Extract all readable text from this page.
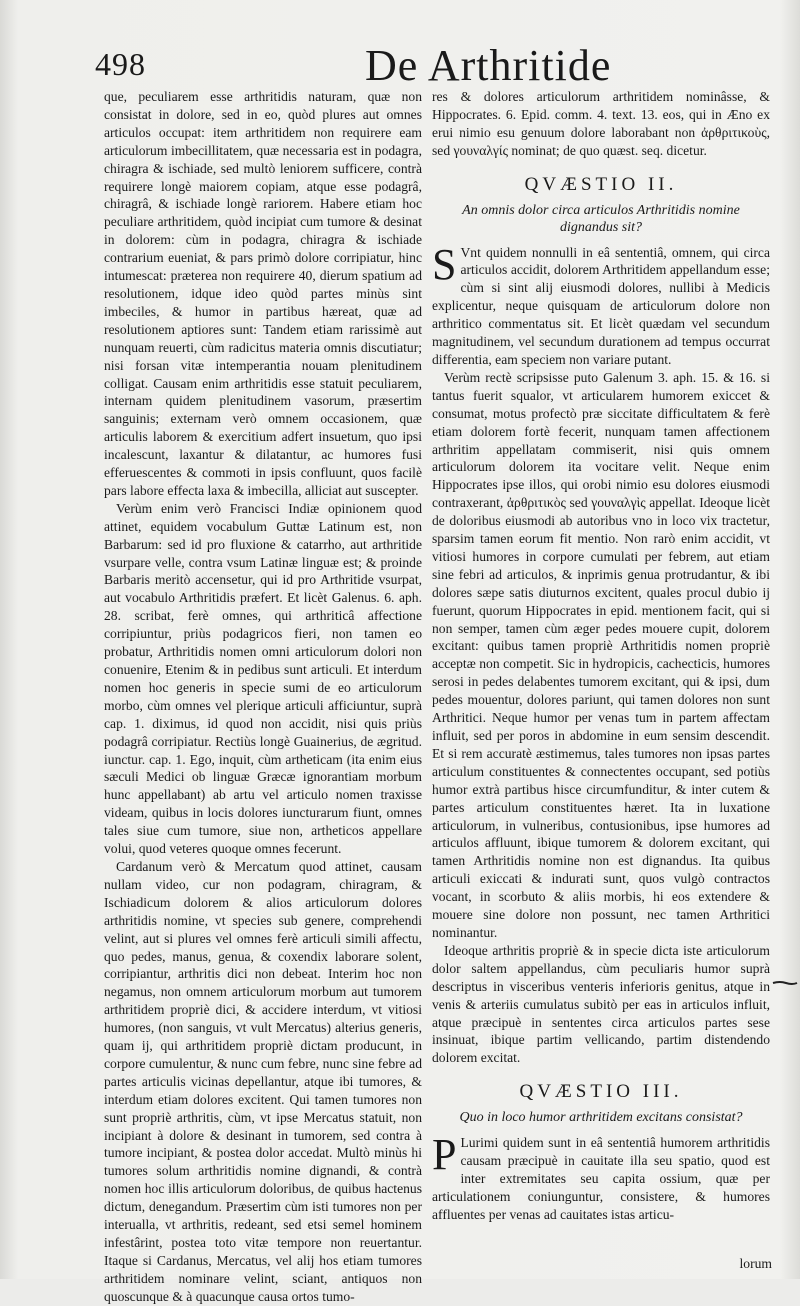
498	De Arthritide

que, peculiarem esse arthritidis naturam, quæ non consistat in dolore, sed in eo, quòd plures aut omnes articulos occupat: item arthritidem non requirere eam articulorum imbecillitatem, quæ necessaria est in podagra, chiragra & ischiade, sed multò leniorem sufficere, contrà requirere longè maiorem copiam, atque esse podagrâ, chiragrâ, & ischiade longè rariorem. Habere etiam hoc peculiare arthritidem, quòd incipiat cum tumore & desinat in dolorem: cùm in podagra, chiragra & ischiade contrarium eueniat, & pars primò dolore corripiatur, hinc intumescat: præterea non requirere 40, dierum spatium ad resolutionem, idque ideo quòd partes minùs sint imbeciles, & humor in partibus hæreat, quæ ad resolutionem aptiores sunt: Tandem etiam rarissimè aut nunquam reuerti, cùm radicitus materia omnis discutiatur; nisi forsan vitæ intemperantia nouam plenitudinem colligat. Causam enim arthritidis esse statuit peculiarem, internam quidem plenitudinem vasorum, præsertim sanguinis; externam verò omnem occasionem, quæ articulis laborem & exercitium adfert insuetum, quo ipsi incalescunt, laxantur & dilatantur, ac humores fusi efferuescentes & commoti in ipsis confluunt, quos facilè pars labore effecta laxa & imbecilla, alliciat aut suscepter.

Verùm enim verò Francisci Indiæ opinionem quod attinet, equidem vocabulum Guttæ Latinum est, non Barbarum: sed id pro fluxione & catarrho, aut arthritide vsurpare velle, contra vsum Latinæ linguæ est; & proinde Barbaris meritò accensetur, qui id pro Arthritide vsurpat, aut vocabulo Arthritidis præfert. Et licèt Galenus. 6. aph. 28. scribat, ferè omnes, qui arthriticâ affectione corripiuntur, priùs podagricos fieri, non tamen eo probatur, Arthritidis nomen omni articulorum dolori non conuenire, Etenim & in pedibus sunt articuli. Et interdum nomen hoc generis in specie sumi de eo articulorum morbo, cùm omnes vel plerique articuli afficiuntur, suprà cap. 1. diximus, id quod non accidit, nisi quis priùs podagrâ corripiatur. Rectiùs longè Guainerius, de ægritud. iunctur. cap. 1. Ego, inquit, cùm artheticam (ita enim eius sæculi Medici ob linguæ Græcæ ignorantiam morbum hunc appellabant) ab artu vel articulo nomen traxisse videam, quibus in locis dolores iuncturarum fiunt, omnes tales siue cum tumore, siue non, artheticos appellare volui, quod veteres quoque omnes fecerunt.

Cardanum verò & Mercatum quod attinet, causam nullam video, cur non podagram, chiragram, & Ischiadicum dolorem & alios articulorum dolores arthritidis nomine, vt species sub genere, comprehendi velint, aut si plures vel omnes ferè articuli simili affectu, quo pedes, manus, genua, & coxendix laborare solent, corripiantur, arthritis dici non debeat. Interim hoc non negamus, non omnem articulorum morbum aut tumorem arthritidem propriè dici, & accidere interdum, vt vitiosi humores, (non sanguis, vt vult Mercatus) alterius generis, quam ij, qui arthritidem propriè dictam producunt, in corpore cumulentur, & nunc cum febre, nunc sine febre ad partes articulis vicinas depellantur, atque ibi tumores, & interdum etiam dolores excitent. Qui tamen tumores non sunt propriè arthritis, cùm, vt ipse Mercatus statuit, non incipiant à dolore & desinant in tumorem, sed contra à tumore incipiant, & postea dolor accedat. Multò minùs hi tumores solum arthritidis nomine dignandi, & contrà nomen hoc illis articulorum doloribus, de quibus hactenus dictum, denegandum. Præsertim cùm isti tumores non per interualla, vt arthritis, redeant, sed etsi semel hominem infestârint, postea toto vitæ tempore non reuertantur. Itaque si Cardanus, Mercatus, vel alij hos etiam tumores arthritidem nominare velint, sciant, antiquos non quoscunque & à quacunque causa ortos tumo-

res & dolores articulorum arthritidem nominâsse, & Hippocrates. 6. Epid. comm. 4. text. 13. eos, qui in Æno ex erui nimio esu genuum dolore laborabant non ἀρθριτικοὺς, sed γουναλγίς nominat; de quo quæst. seq. dicetur.

QVÆSTIO II.
An omnis dolor circa articulos Arthritidis nomine dignandus sit?

S Vnt quidem nonnulli in eâ sententiâ, omnem, qui circa articulos accidit, dolorem Arthritidem appellandum esse; cùm si sint alij eiusmodi dolores, nullibi à Medicis explicentur, neque quisquam de articulorum dolore non arthritico commentatus sit. Et licèt quædam vel secundum magnitudinem, vel secundum durationem ad tempus occurrat differentia, eam speciem non variare putant.

Verùm rectè scripsisse puto Galenum 3. aph. 15. & 16. si tantus fuerit squalor, vt articularem humorem exiccet & consumat, motus profectò præ siccitate difficultatem & ferè etiam dolorem fortè fecerit, nunquam tamen affectionem arthritim appellatam commiserit, nisi quis omnem articulorum dolorem ita vocitare velit. Neque enim Hippocrates ipse illos, qui orobi nimio esu dolores eiusmodi contraxerant, ἀρθριτικὸς sed γουναλγὶς appellat. Ideoque licèt de doloribus eiusmodi ab autoribus vno in loco vix tractetur, sparsim tamen eorum fit mentio. Non rarò enim accidit, vt vitiosi humores in corpore cumulati per febrem, aut etiam sine febri ad articulos, & inprimis genua protrudantur, & ibi dolores sæpe satis diuturnos excitent, quales procul dubio ij fuerunt, quorum Hippocrates in epid. mentionem facit, qui si non semper, tamen cùm æger pedes mouere cupit, dolorem excitant: quibus tamen propriè Arthritidis nomen propriè acceptæ non competit. Sic in hydropicis, cachecticis, humores serosi in pedes delabentes tumorem excitant, qui & ipsi, dum pedes mouentur, dolores pariunt, qui tamen dolores non sunt Arthritici. Neque humor per venas tum in partem affectam influit, sed per poros in abdomine in eum sensim descendit. Et si rem accuratè æstimemus, tales tumores non ipsas partes articulum constituentes & connectentes occupant, sed potiùs humor extrà partibus hisce circumfunditur, & inter cutem & partes articulum constituentes hæret. Ita in luxatione articulorum, in vulneribus, contusionibus, ipse humores ad articulos affluunt, ibique tumorem & dolorem excitant, qui tamen Arthritidis nomine non est dignandus. Ita quibus articuli exiccati & indurati sunt, quos vulgò contractos vocant, in scorbuto & aliis morbis, hi eos extendere & mouere sine dolore non possunt, nec tamen Arthritici nominantur.

Ideoque arthritis propriè & in specie dicta iste articulorum dolor saltem appellandus, cùm peculiaris humor suprà descriptus in visceribus venteris inferioris genitus, atque in venis & arteriis cumulatus subitò per eas in articulos influit, atque præcipuè in sententes circa articulos partes sese insinuat, ibique partim vellicando, partim distendendo dolorem excitat.

QVÆSTIO III.
Quo in loco humor arthritidem excitans consistat?

P Lurimi quidem sunt in eâ sententiâ humorem arthritidis causam præcipuè in cauitate illa seu spatio, quod est inter extremitates seu capita ossium, quæ per articulationem coniunguntur, consistere, & humores affluentes per venas ad cauitates istas articu-

lorum
